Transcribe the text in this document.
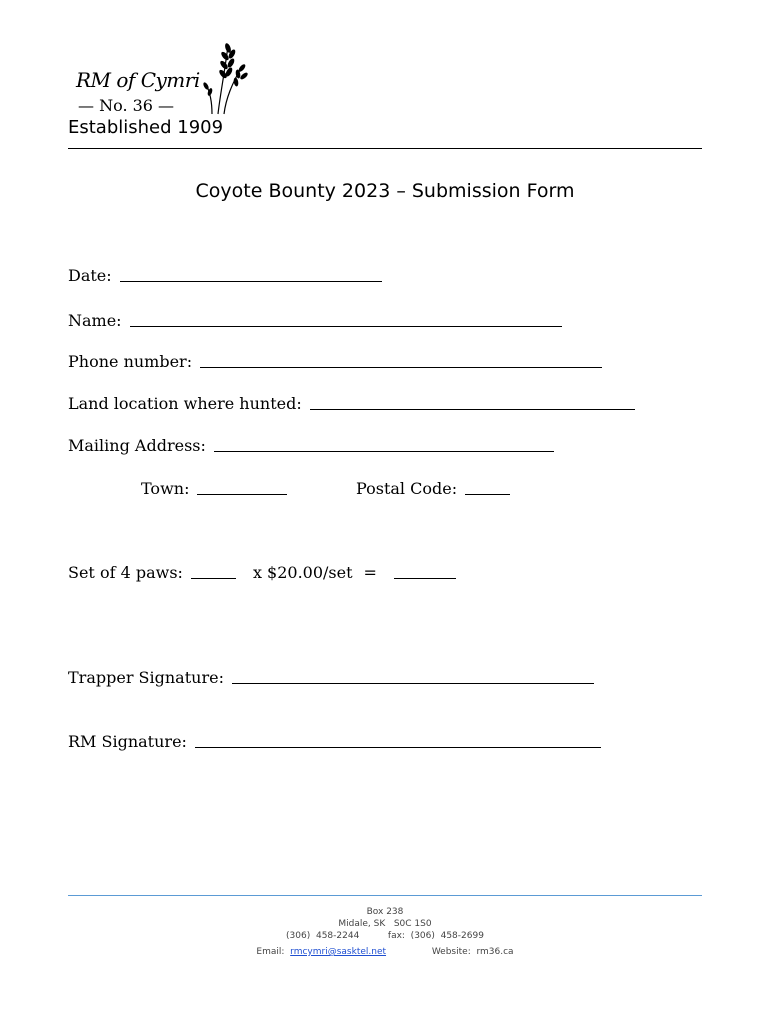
RM of Cymri
— No. 36 —
Established 1909
Coyote Bounty 2023 – Submission Form
Date:
Name:
Phone number:
Land location where hunted:
Mailing Address:
Town:	Postal Code:
Set of 4 paws:	x $20.00/set =
Trapper Signature:
RM Signature:
Box 238
Midale, SK   S0C 1S0
(306)  458-2244	fax:  (306)  458-2699
Email: rmcymri@sasktel.net	Website: rm36.ca
